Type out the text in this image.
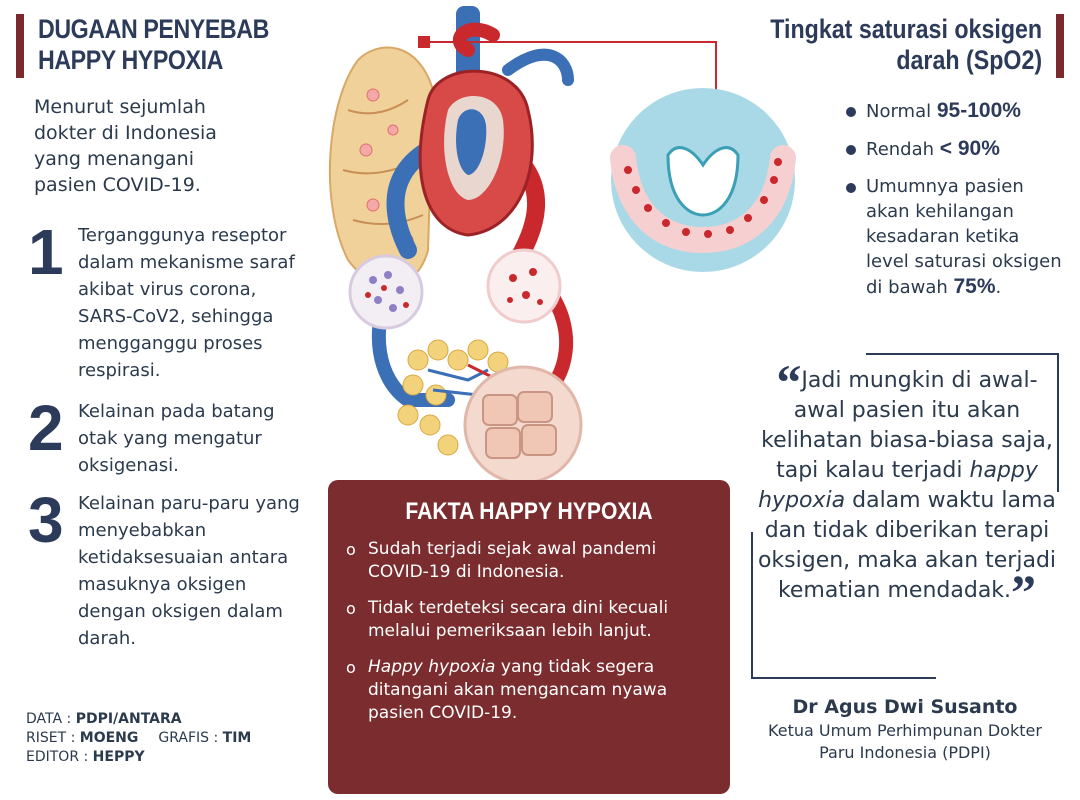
DUGAAN PENYEBAB
HAPPY HYPOXIA

Menurut sejumlah dokter di Indonesia yang menangani pasien COVID-19.

1 Terganggunya reseptor dalam mekanisme saraf akibat virus corona, SARS-CoV2, sehingga mengganggu proses respirasi.
2 Kelainan pada batang otak yang mengatur oksigenasi.
3 Kelainan paru-paru yang menyebabkan ketidaksesuaian antara masuknya oksigen dengan oksigen dalam darah.
DATA : PDPI/ANTARA
RISET : MOENG GRAFIS : TIM
EDITOR : HEPPY
Tingkat saturasi oksigen
darah (SpO2)
Normal 95-100%
Rendah < 90%
Umumnya pasien akan kehilangan kesadaran ketika level saturasi oksigen di bawah 75%.

“Jadi mungkin di awal-awal pasien itu akan kelihatan biasa-biasa saja, tapi kalau terjadi happy hypoxia dalam waktu lama dan tidak diberikan terapi oksigen, maka akan terjadi kematian mendadak.”

Dr Agus Dwi Susanto
Ketua Umum Perhimpunan Dokter Paru Indonesia (PDPI)
FAKTA HAPPY HYPOXIA
o Sudah terjadi sejak awal pandemi COVID-19 di Indonesia.
o Tidak terdeteksi secara dini kecuali melalui pemeriksaan lebih lanjut.
o Happy hypoxia yang tidak segera ditangani akan mengancam nyawa pasien COVID-19.
